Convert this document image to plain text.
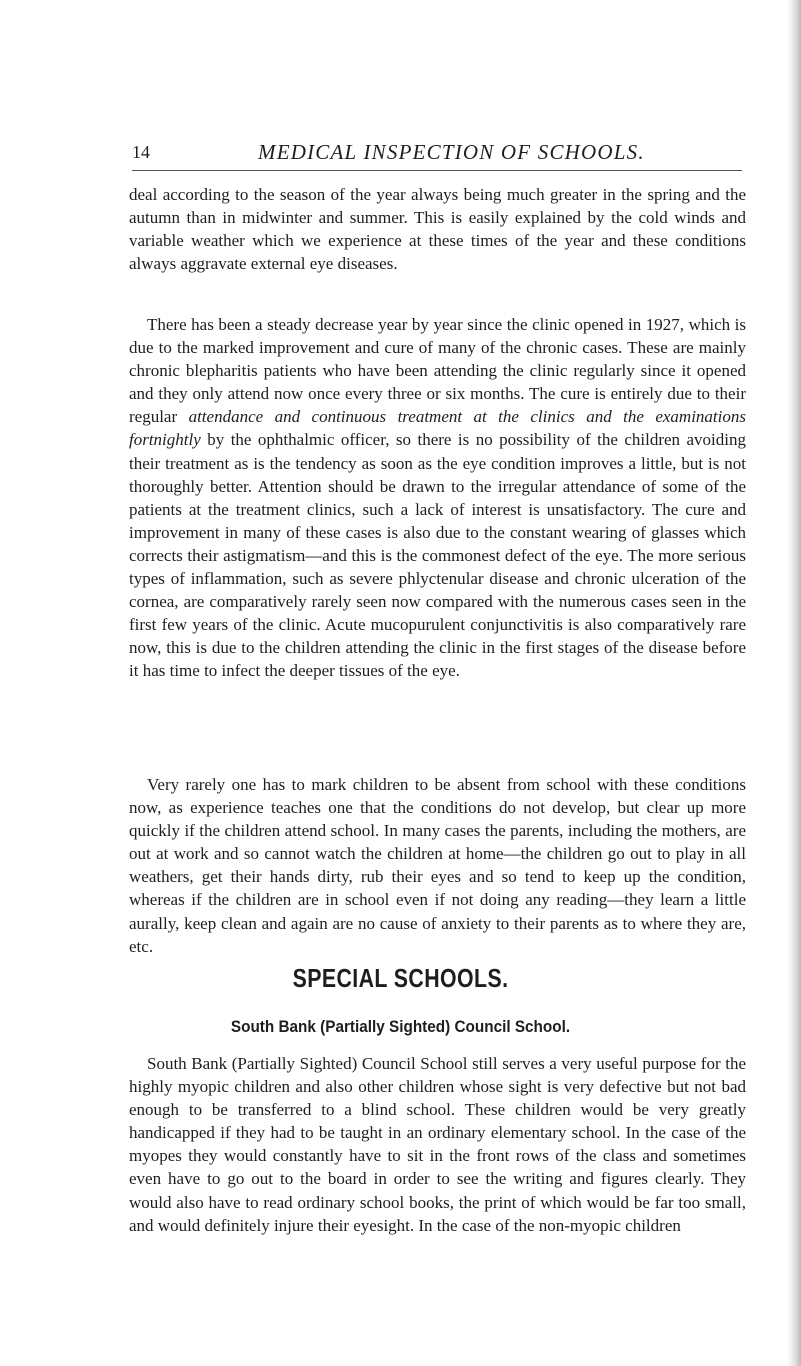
14	MEDICAL INSPECTION OF SCHOOLS.

deal according to the season of the year always being much greater in the spring and the autumn than in midwinter and summer. This is easily explained by the cold winds and variable weather which we experience at these times of the year and these conditions always aggravate external eye diseases.

There has been a steady decrease year by year since the clinic opened in 1927, which is due to the marked improvement and cure of many of the chronic cases. These are mainly chronic blepharitis patients who have been attending the clinic regularly since it opened and they only attend now once every three or six months. The cure is entirely due to their regular attendance and continuous treatment at the clinics and the examinations fortnightly by the ophthalmic officer, so there is no possibility of the children avoiding their treatment as is the tendency as soon as the eye condition improves a little, but is not thoroughly better. Attention should be drawn to the irregular attendance of some of the patients at the treatment clinics, such a lack of interest is unsatisfactory. The cure and improvement in many of these cases is also due to the constant wearing of glasses which corrects their astigmatism—and this is the commonest defect of the eye. The more serious types of inflammation, such as severe phlyctenular disease and chronic ulceration of the cornea, are comparatively rarely seen now compared with the numerous cases seen in the first few years of the clinic. Acute mucopurulent conjunctivitis is also comparatively rare now, this is due to the children attending the clinic in the first stages of the disease before it has time to infect the deeper tissues of the eye.

Very rarely one has to mark children to be absent from school with these conditions now, as experience teaches one that the conditions do not develop, but clear up more quickly if the children attend school. In many cases the parents, including the mothers, are out at work and so cannot watch the children at home—the children go out to play in all weathers, get their hands dirty, rub their eyes and so tend to keep up the condition, whereas if the children are in school even if not doing any reading—they learn a little aurally, keep clean and again are no cause of anxiety to their parents as to where they are, etc.

SPECIAL SCHOOLS.
South Bank (Partially Sighted) Council School.

South Bank (Partially Sighted) Council School still serves a very useful purpose for the highly myopic children and also other children whose sight is very defective but not bad enough to be transferred to a blind school. These children would be very greatly handicapped if they had to be taught in an ordinary elementary school. In the case of the myopes they would constantly have to sit in the front rows of the class and sometimes even have to go out to the board in order to see the writing and figures clearly. They would also have to read ordinary school books, the print of which would be far too small, and would definitely injure their eyesight. In the case of the non-myopic children
